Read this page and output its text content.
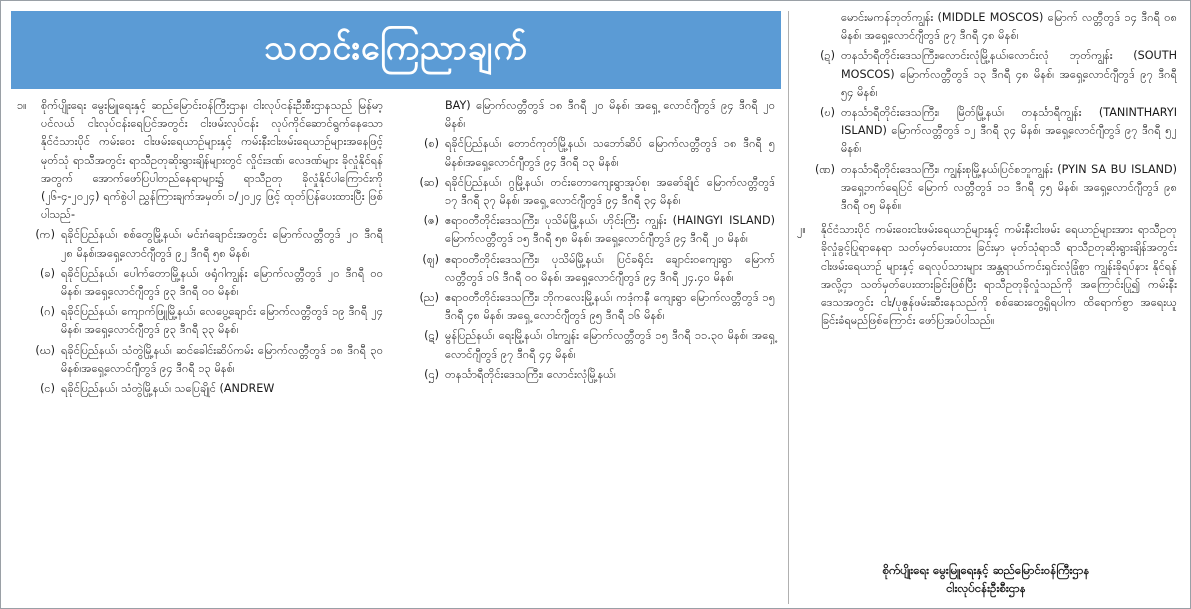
သတင်းကြေညာချက်
၁။	စိုက်ပျိုးရေး မွေးမြူရေးနှင့် ဆည်မြောင်းဝန်ကြီးဌာန၊ ငါးလုပ်ငန်းဦးစီးဌာနသည် မြန်မာ့ပင်လယ် ငါးလုပ်ငန်းရေပြင်အတွင်း ငါးဖမ်းလုပ်ငန်း လုပ်ကိုင်ဆောင်ရွက်နေသော နိုင်ငံသားပိုင် ကမ်းဝေး ငါးဖမ်းရေယာဉ်များနှင့် ကမ်းနီးငါးဖမ်းရေယာဉ်များအနေဖြင့် မုတ်သုံ ရာသီအတွင်း ရာသီဥတုဆိုးရွားချိန်များတွင် လှိုင်းဒဏ်၊ လေဒဏ်များ ခိုလှုံနိုင်ရန်အတွက် အောက်ဖော်ပြပါတည်နေရာများ၌ ရာသီဥတု ခိုလှုံနိုင်ပါကြောင်းကို (၂၆-၄-၂၀၂၄) ရက်စွဲပါ ညွှန်ကြားချက်အမှတ်၊ ၁/၂၀၂၄ ဖြင့် ထုတ်ပြန်ပေးထားပြီး ဖြစ်ပါသည်-
(က) ရခိုင်ပြည်နယ်၊ စစ်တွေမြို့နယ်၊ မင်းဂံချောင်းအတွင်း မြောက်လတ္တီတွဒ် ၂၀ ဒီဂရီ ၂၈ မိနစ်၊အရှေ့လောင်ဂျီတွဒ် ၉၂ ဒီဂရီ ၅၈ မိနစ်၊
(ခ) ရခိုင်ပြည်နယ်၊ ပေါက်တောမြို့နယ်၊ ဖရုံဂါကျွန်း မြောက်လတ္တီတွဒ် ၂၀ ဒီဂရီ ၀၀ မိနစ်၊ အရှေ့လောင်ဂျီတွဒ် ၉၃ ဒီဂရီ ၀၀ မိနစ်၊
(ဂ) ရခိုင်ပြည်နယ်၊ ကျောက်ဖြူမြို့နယ်၊ လေပွေ့ချောင်း မြောက်လတ္တီတွဒ် ၁၉ ဒီဂရီ ၂၄ မိနစ်၊ အရှေ့လောင်ဂျီတွဒ် ၉၃ ဒီဂရီ ၃၃ မိနစ်၊
(ဃ) ရခိုင်ပြည်နယ်၊ သံတွဲမြို့နယ်၊ ဆင်ခေါင်းဆိပ်ကမ်း မြောက်လတ္တီတွဒ် ၁၈ ဒီဂရီ ၃၀ မိနစ်၊အရှေ့လောင်ဂျီတွဒ် ၉၄ ဒီဂရီ ၁၃ မိနစ်၊
(င) ရခိုင်ပြည်နယ်၊ သံတွဲမြို့နယ်၊ သပြေချိုင် (ANDREW
BAY) မြောက်လတ္တီတွဒ် ၁၈ ဒီဂရီ ၂၀ မိနစ်၊ အရှေ့ လောင်ဂျီတွဒ် ၉၄ ဒီဂရီ ၂၀ မိနစ်၊
(စ) ရခိုင်ပြည်နယ်၊ တောင်ကုတ်မြို့နယ်၊ သဘော်ဆိပ် မြောက်လတ္တီတွဒ် ၁၈ ဒီဂရီ ၅ မိနစ်၊အရှေ့လောင်ဂျီတွဒ် ၉၄ ဒီဂရီ ၁၃ မိနစ်၊
(ဆ) ရခိုင်ပြည်နယ်၊ ဂွမြို့နယ်၊ တင်းတောကျေးရွာအုပ်စု၊ အဓော်ချိုင် မြောက်လတ္တီတွဒ် ၁၇ ဒီဂရီ ၃၇ မိနစ်၊ အရှေ့ လောင်ဂျီတွဒ် ၉၄ ဒီဂရီ ၃၄ မိနစ်၊
(ဇ) ဧရာဝတီတိုင်းဒေသကြီး၊ ပုသိမ်မြို့နယ်၊ ဟိုင်းကြီး ကျွန်း (HAINGYI ISLAND) မြောက်လတ္တီတွဒ် ၁၅ ဒီဂရီ ၅၈ မိနစ်၊ အရှေ့လောင်ဂျီတွဒ် ၉၄ ဒီဂရီ ၂၀ မိနစ်၊
(ဈ) ဧရာဝတီတိုင်းဒေသကြီး၊ ပုသိမ်မြို့နယ်၊ ပြင်ခရိုင်း ချောင်းဝကျေးရွာ မြောက်လတ္တီတွဒ် ၁၆ ဒီဂရီ ၀၀ မိနစ်၊ အရှေ့လောင်ဂျီတွဒ် ၉၄ ဒီဂရီ ၂၄.၄၀ မိနစ်၊
(ည) ဧရာဝတီတိုင်းဒေသကြီး၊ ဘိုကလေးမြို့နယ်၊ ကဒုံကနီ ကျေးရွာ မြောက်လတ္တီတွဒ် ၁၅ ဒီဂရီ ၄၈ မိနစ်၊ အရှေ့ လောင်ဂျီတွဒ် ၉၅ ဒီဂရီ ၁၆ မိနစ်၊
(ဋ) မွန်ပြည်နယ်၊ ရေးမြို့နယ်၊ ဝါးကျွန်း မြောက်လတ္တီတွဒ် ၁၅ ဒီဂရီ ၁၁.၃၀ မိနစ်၊ အရှေ့လောင်ဂျီတွဒ် ၉၇ ဒီဂရီ ၄၄ မိနစ်၊
(ဌ) တနင်္သာရီတိုင်းဒေသကြီး၊ လောင်းလုံမြို့နယ်၊
မောင်းမကန်ဘုတ်ကျွန်း (MIDDLE MOSCOS) မြောက် လတ္တီတွဒ် ၁၄ ဒီဂရီ ၀၈ မိနစ်၊ အရှေ့လောင်ဂျီတွဒ် ၉၇ ဒီဂရီ ၄၈ မိနစ်၊
(ဍ) တနင်္သာရီတိုင်းဒေသကြီး၊လောင်းလုံမြို့နယ်၊လောင်းလုံ ဘုတ်ကျွန်း (SOUTH MOSCOS) မြောက်လတ္တီတွဒ် ၁၃ ဒီဂရီ ၄၈ မိနစ်၊ အရှေ့လောင်ဂျီတွဒ် ၉၇ ဒီဂရီ ၅၄ မိနစ်၊
(ဎ) တနင်္သာရီတိုင်းဒေသကြီး၊ မြိတ်မြို့နယ်၊ တနင်္သာရီကျွန်း (TANINTHARYI ISLAND) မြောက်လတ္တီတွဒ် ၁၂ ဒီဂရီ ၃၄ မိနစ်၊ အရှေ့လောင်ဂျီတွဒ် ၉၇ ဒီဂရီ ၅၂ မိနစ်၊
(ဏ) တနင်္သာရီတိုင်းဒေသကြီး၊ ကျွန်းစုမြို့နယ်၊ပြင်စဘူကျွန်း (PYIN SA BU ISLAND) အရှေ့ဘက်ရေပြင် မြောက် လတ္တီတွဒ် ၁၁ ဒီဂရီ ၄၅ မိနစ်၊ အရှေ့လောင်ဂျီတွဒ် ၉၈ ဒီဂရီ ၀၅ မိနစ်။
၂။	နိုင်ငံသားပိုင် ကမ်းဝေးငါးဖမ်းရေယာဉ်များနှင့် ကမ်းနီးငါးဖမ်း ရေယာဉ်များအား ရာသီဥတုခိုလှုံခွင့်ပြုရာနေရာ သတ်မှတ်ပေးထား ခြင်းမှာ မုတ်သုံရာသီ ရာသီဥတုဆိုးရွားချိန်အတွင်း ငါးဖမ်းရေယာဉ် များနှင့် ရေလုပ်သားများ အန္တရာယ်ကင်းရှင်းလုံခြုံစွာ ကျွန်းခိုရပ်နား နိုင်ရန်အလို့ငှာ သတ်မှတ်ပေးထားခြင်းဖြစ်ပြီး ရာသီဥတုခိုလှုံသည်ကို အကြောင်းပြု၍ ကမ်းနီးဒေသအတွင်း ငါး/ပုဇွန်ဖမ်းဆီးနေသည်ကို စစ်ဆေးတွေ့ရှိရပါက ထိရောက်စွာ အရေးယူခြင်းခံရမည်ဖြစ်ကြောင်း ဖော်ပြအပ်ပါသည်။
စိုက်ပျိုးရေး မွေးမြူရေးနှင့် ဆည်မြောင်းဝန်ကြီးဌာန
ငါးလုပ်ငန်းဦးစီးဌာန
